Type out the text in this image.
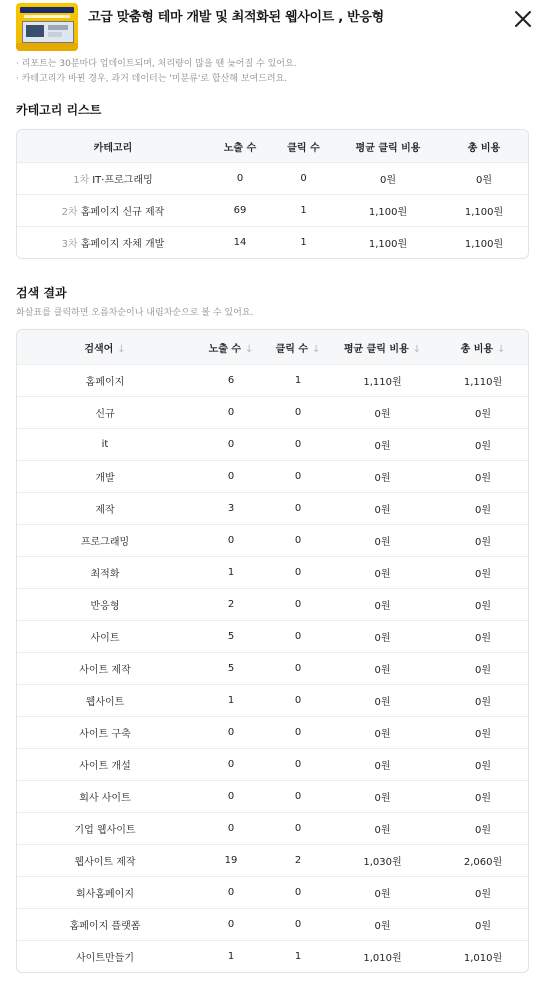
고급 맞춤형 테마 개발 및 최적화된 웹사이트 , 반응형
· 리포트는 30분마다 업데이트되며, 처리량이 많을 땐 늦어질 수 있어요.
· 카테고리가 바뀐 경우, 과거 데이터는 '미분류'로 합산해 보여드려요.
카테고리 리스트
카테고리	노출 수	클릭 수	평균 클릭 비용	총 비용
1차 IT·프로그래밍	0	0	0원	0원
2차 홈페이지 신규 제작	69	1	1,100원	1,100원
3차 홈페이지 자체 개발	14	1	1,100원	1,100원
검색 결과
화살표를 클릭하면 오름차순이나 내림차순으로 볼 수 있어요.
검색어 ↓	노출 수 ↓	클릭 수 ↓	평균 클릭 비용 ↓	총 비용 ↓
홈페이지	6	1	1,110원	1,110원
신규	0	0	0원	0원
it	0	0	0원	0원
개발	0	0	0원	0원
제작	3	0	0원	0원
프로그래밍	0	0	0원	0원
최적화	1	0	0원	0원
반응형	2	0	0원	0원
사이트	5	0	0원	0원
사이트 제작	5	0	0원	0원
웹사이트	1	0	0원	0원
사이트 구축	0	0	0원	0원
사이트 개설	0	0	0원	0원
회사 사이트	0	0	0원	0원
기업 웹사이트	0	0	0원	0원
웹사이트 제작	19	2	1,030원	2,060원
회사홈페이지	0	0	0원	0원
홈페이지 플랫폼	0	0	0원	0원
사이트만들기	1	1	1,010원	1,010원
